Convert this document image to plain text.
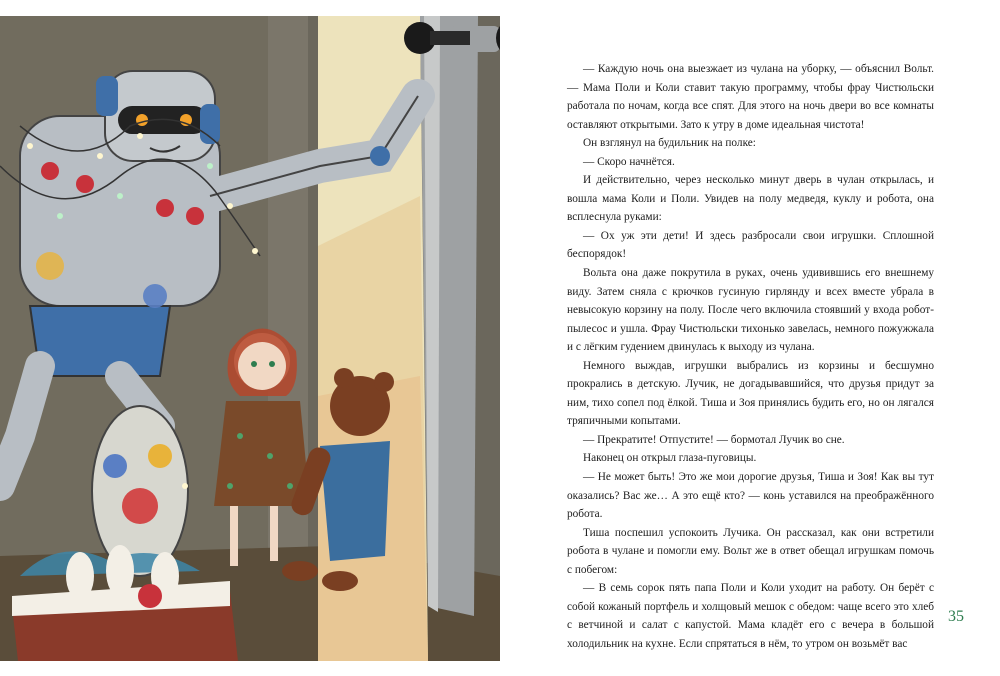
— Каждую ночь она выезжает из чулана на уборку, — объяснил Вольт. — Мама Поли и Коли ставит такую программу, чтобы фрау Чистюльски работала по ночам, когда все спят. Для этого на ночь двери во все комнаты оставляют открытыми. Зато к утру в доме идеальная чистота!

Он взглянул на будильник на полке:

— Скоро начнётся.

И действительно, через несколько минут дверь в чулан открылась, и вошла мама Коли и Поли. Увидев на полу медведя, куклу и робота, она всплеснула руками:

— Ох уж эти дети! И здесь разбросали свои игрушки. Сплошной беспорядок!

Вольта она даже покрутила в руках, очень удивившись его внешнему виду. Затем сняла с крючков гусиную гирлянду и всех вместе убрала в невысокую корзину на полу. После чего включила стоявший у входа робот-пылесос и ушла. Фрау Чистюльски тихонько завелась, немного пожужжала и с лёгким гудением двинулась к выходу из чулана.

Немного выждав, игрушки выбрались из корзины и бесшумно прокрались в детскую. Лучик, не догадывавшийся, что друзья придут за ним, тихо сопел под ёлкой. Тиша и Зоя принялись будить его, но он лягался тряпичными копытами.

— Прекратите! Отпустите! — бормотал Лучик во сне.

Наконец он открыл глаза-пуговицы.

— Не может быть! Это же мои дорогие друзья, Тиша и Зоя! Как вы тут оказались? Вас же… А это ещё кто? — конь уставился на преображённого робота.

Тиша поспешил успокоить Лучика. Он рассказал, как они встретили робота в чулане и помогли ему. Вольт же в ответ обещал игрушкам помочь с побегом:

— В семь сорок пять папа Поли и Коли уходит на работу. Он берёт с собой кожаный портфель и холщовый мешок с обедом: чаще всего это хлеб с ветчиной и салат с капустой. Мама кладёт его с вечера в большой холодильник на кухне. Если спрятаться в нём, то утром он возьмёт вас

35
